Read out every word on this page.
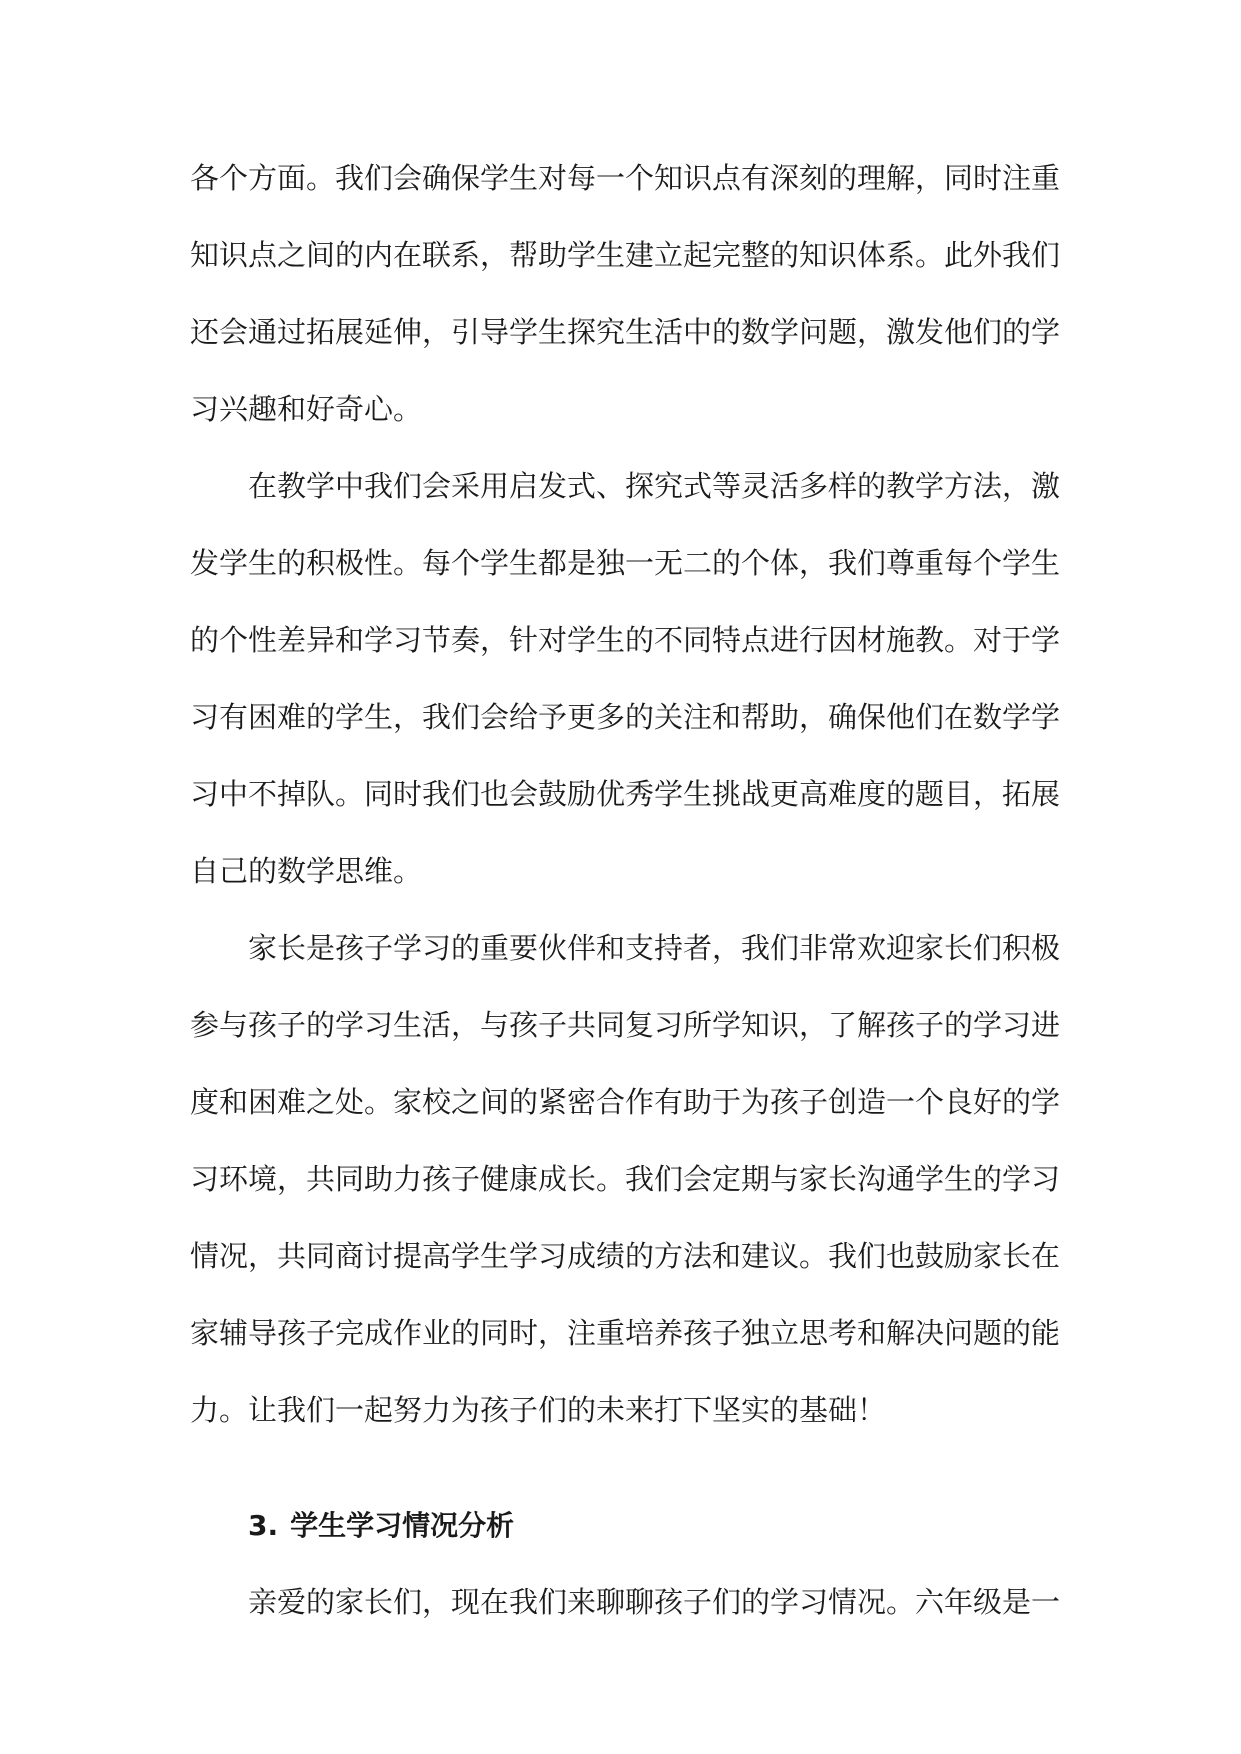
各个方面。我们会确保学生对每一个知识点有深刻的理解，同时注重知识点之间的内在联系，帮助学生建立起完整的知识体系。此外我们还会通过拓展延伸，引导学生探究生活中的数学问题，激发他们的学习兴趣和好奇心。

在教学中我们会采用启发式、探究式等灵活多样的教学方法，激发学生的积极性。每个学生都是独一无二的个体，我们尊重每个学生的个性差异和学习节奏，针对学生的不同特点进行因材施教。对于学习有困难的学生，我们会给予更多的关注和帮助，确保他们在数学学习中不掉队。同时我们也会鼓励优秀学生挑战更高难度的题目，拓展自己的数学思维。

家长是孩子学习的重要伙伴和支持者，我们非常欢迎家长们积极参与孩子的学习生活，与孩子共同复习所学知识，了解孩子的学习进度和困难之处。家校之间的紧密合作有助于为孩子创造一个良好的学习环境，共同助力孩子健康成长。我们会定期与家长沟通学生的学习情况，共同商讨提高学生学习成绩的方法和建议。我们也鼓励家长在家辅导孩子完成作业的同时，注重培养孩子独立思考和解决问题的能力。让我们一起努力为孩子们的未来打下坚实的基础！

3. 学生学习情况分析

亲爱的家长们，现在我们来聊聊孩子们的学习情况。六年级是一
